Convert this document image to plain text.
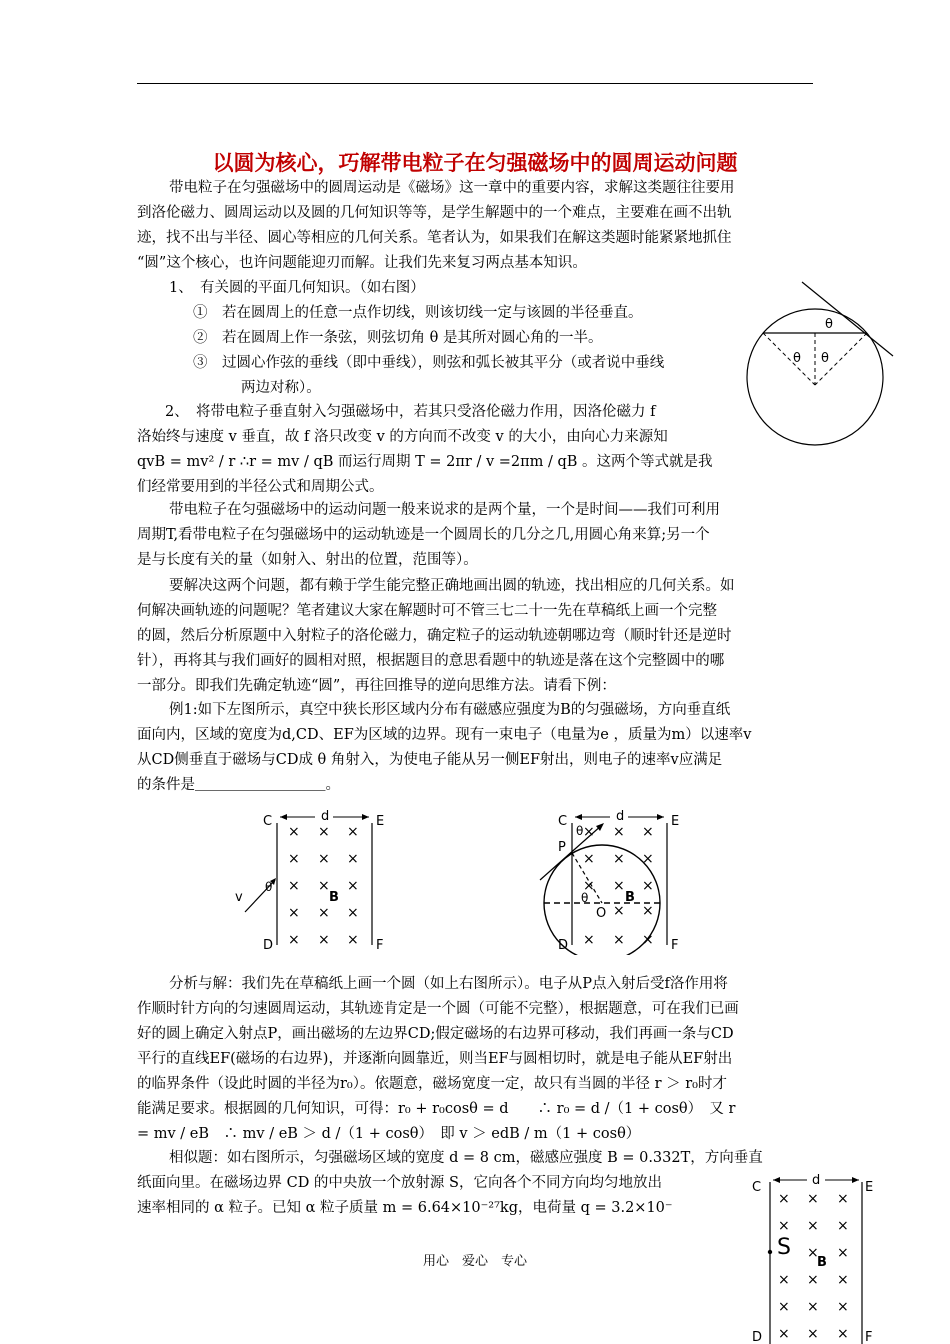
以圆为核心，巧解带电粒子在匀强磁场中的圆周运动问题
带电粒子在匀强磁场中的圆周运动是《磁场》这一章中的重要内容，求解这类题往往要用
到洛伦磁力、圆周运动以及圆的几何知识等等，是学生解题中的一个难点，主要难在画不出轨
迹，找不出与半径、圆心等相应的几何关系。笔者认为，如果我们在解这类题时能紧紧地抓住
“圆”这个核心，也许问题能迎刃而解。让我们先来复习两点基本知识。
1、　有关圆的平面几何知识。（如右图）
①　若在圆周上的任意一点作切线，则该切线一定与该圆的半径垂直。
②　若在圆周上作一条弦，则弦切角 θ 是其所对圆心角的一半。
③　过圆心作弦的垂线（即中垂线），则弦和弧长被其平分（或者说中垂线
两边对称）。
2、　将带电粒子垂直射入匀强磁场中，若其只受洛伦磁力作用，因洛伦磁力 f
洛始终与速度 v 垂直，故 f 洛只改变 v 的方向而不改变 v 的大小，由向心力来源知
qvB = mv² / r ∴r = mv / qB 而运行周期 T = 2πr / v =2πm / qB 。这两个等式就是我
们经常要用到的半径公式和周期公式。
带电粒子在匀强磁场中的运动问题一般来说求的是两个量，一个是时间——我们可利用
周期T,看带电粒子在匀强磁场中的运动轨迹是一个圆周长的几分之几,用圆心角来算;另一个
是与长度有关的量（如射入、射出的位置，范围等）。
要解决这两个问题，都有赖于学生能完整正确地画出圆的轨迹，找出相应的几何关系。如
何解决画轨迹的问题呢？笔者建议大家在解题时可不管三七二十一先在草稿纸上画一个完整
的圆，然后分析原题中入射粒子的洛伦磁力，确定粒子的运动轨迹朝哪边弯（顺时针还是逆时
针），再将其与我们画好的圆相对照，根据题目的意思看题中的轨迹是落在这个完整圆中的哪
一部分。即我们先确定轨迹“圆”，再往回推导的逆向思维方法。请看下例：
例1:如下左图所示，真空中狭长形区域内分布有磁感应强度为B的匀强磁场，方向垂直纸
面向内，区域的宽度为d,CD、EF为区域的边界。现有一束电子（电量为e ，质量为m）以速率v
从CD侧垂直于磁场与CD成 θ 角射入，为使电子能从另一侧EF射出，则电子的速率v应满足
的条件是＿＿＿＿＿＿＿＿＿。
分析与解：我们先在草稿纸上画一个圆（如上右图所示）。电子从P点入射后受f洛作用将
作顺时针方向的匀速圆周运动，其轨迹肯定是一个圆（可能不完整），根据题意，可在我们已画
好的圆上确定入射点P，画出磁场的左边界CD;假定磁场的右边界可移动，我们再画一条与CD
平行的直线EF(磁场的右边界)，并逐渐向圆靠近，则当EF与圆相切时，就是电子能从EF射出
的临界条件（设此时圆的半径为r₀）。依题意，磁场宽度一定，故只有当圆的半径 r ＞ r₀时才
能满足要求。根据圆的几何知识，可得：r₀ + r₀cosθ = d　　∴ r₀ = d /（1 + cosθ）　又 r
= mv / eB　∴ mv / eB ＞ d /（1 + cosθ）　即 v ＞ edB / m（1 + cosθ）
相似题：如右图所示，匀强磁场区域的宽度 d = 8 cm，磁感应强度 B = 0.332T，方向垂直
纸面向里。在磁场边界 CD 的中央放一个放射源 S，它向各个不同方向均匀地放出
速率相同的 α 粒子。已知 α 粒子质量 m = 6.64×10⁻²⁷kg，电荷量 q = 3.2×10⁻
用心　爱心　专心
θ
θ θ
C	E
D	F
d
× × ×
× × ×
× × ×
× × ×
× × ×
v
θ
B
C	E
D	F
d
P
O
θ
θ	B
× × ×
× × ×
× × ×
× ×
× × ×
C	E
D	F
d
S
B
× × ×
× × ×
× ×
× × ×
× × ×
× × ×
